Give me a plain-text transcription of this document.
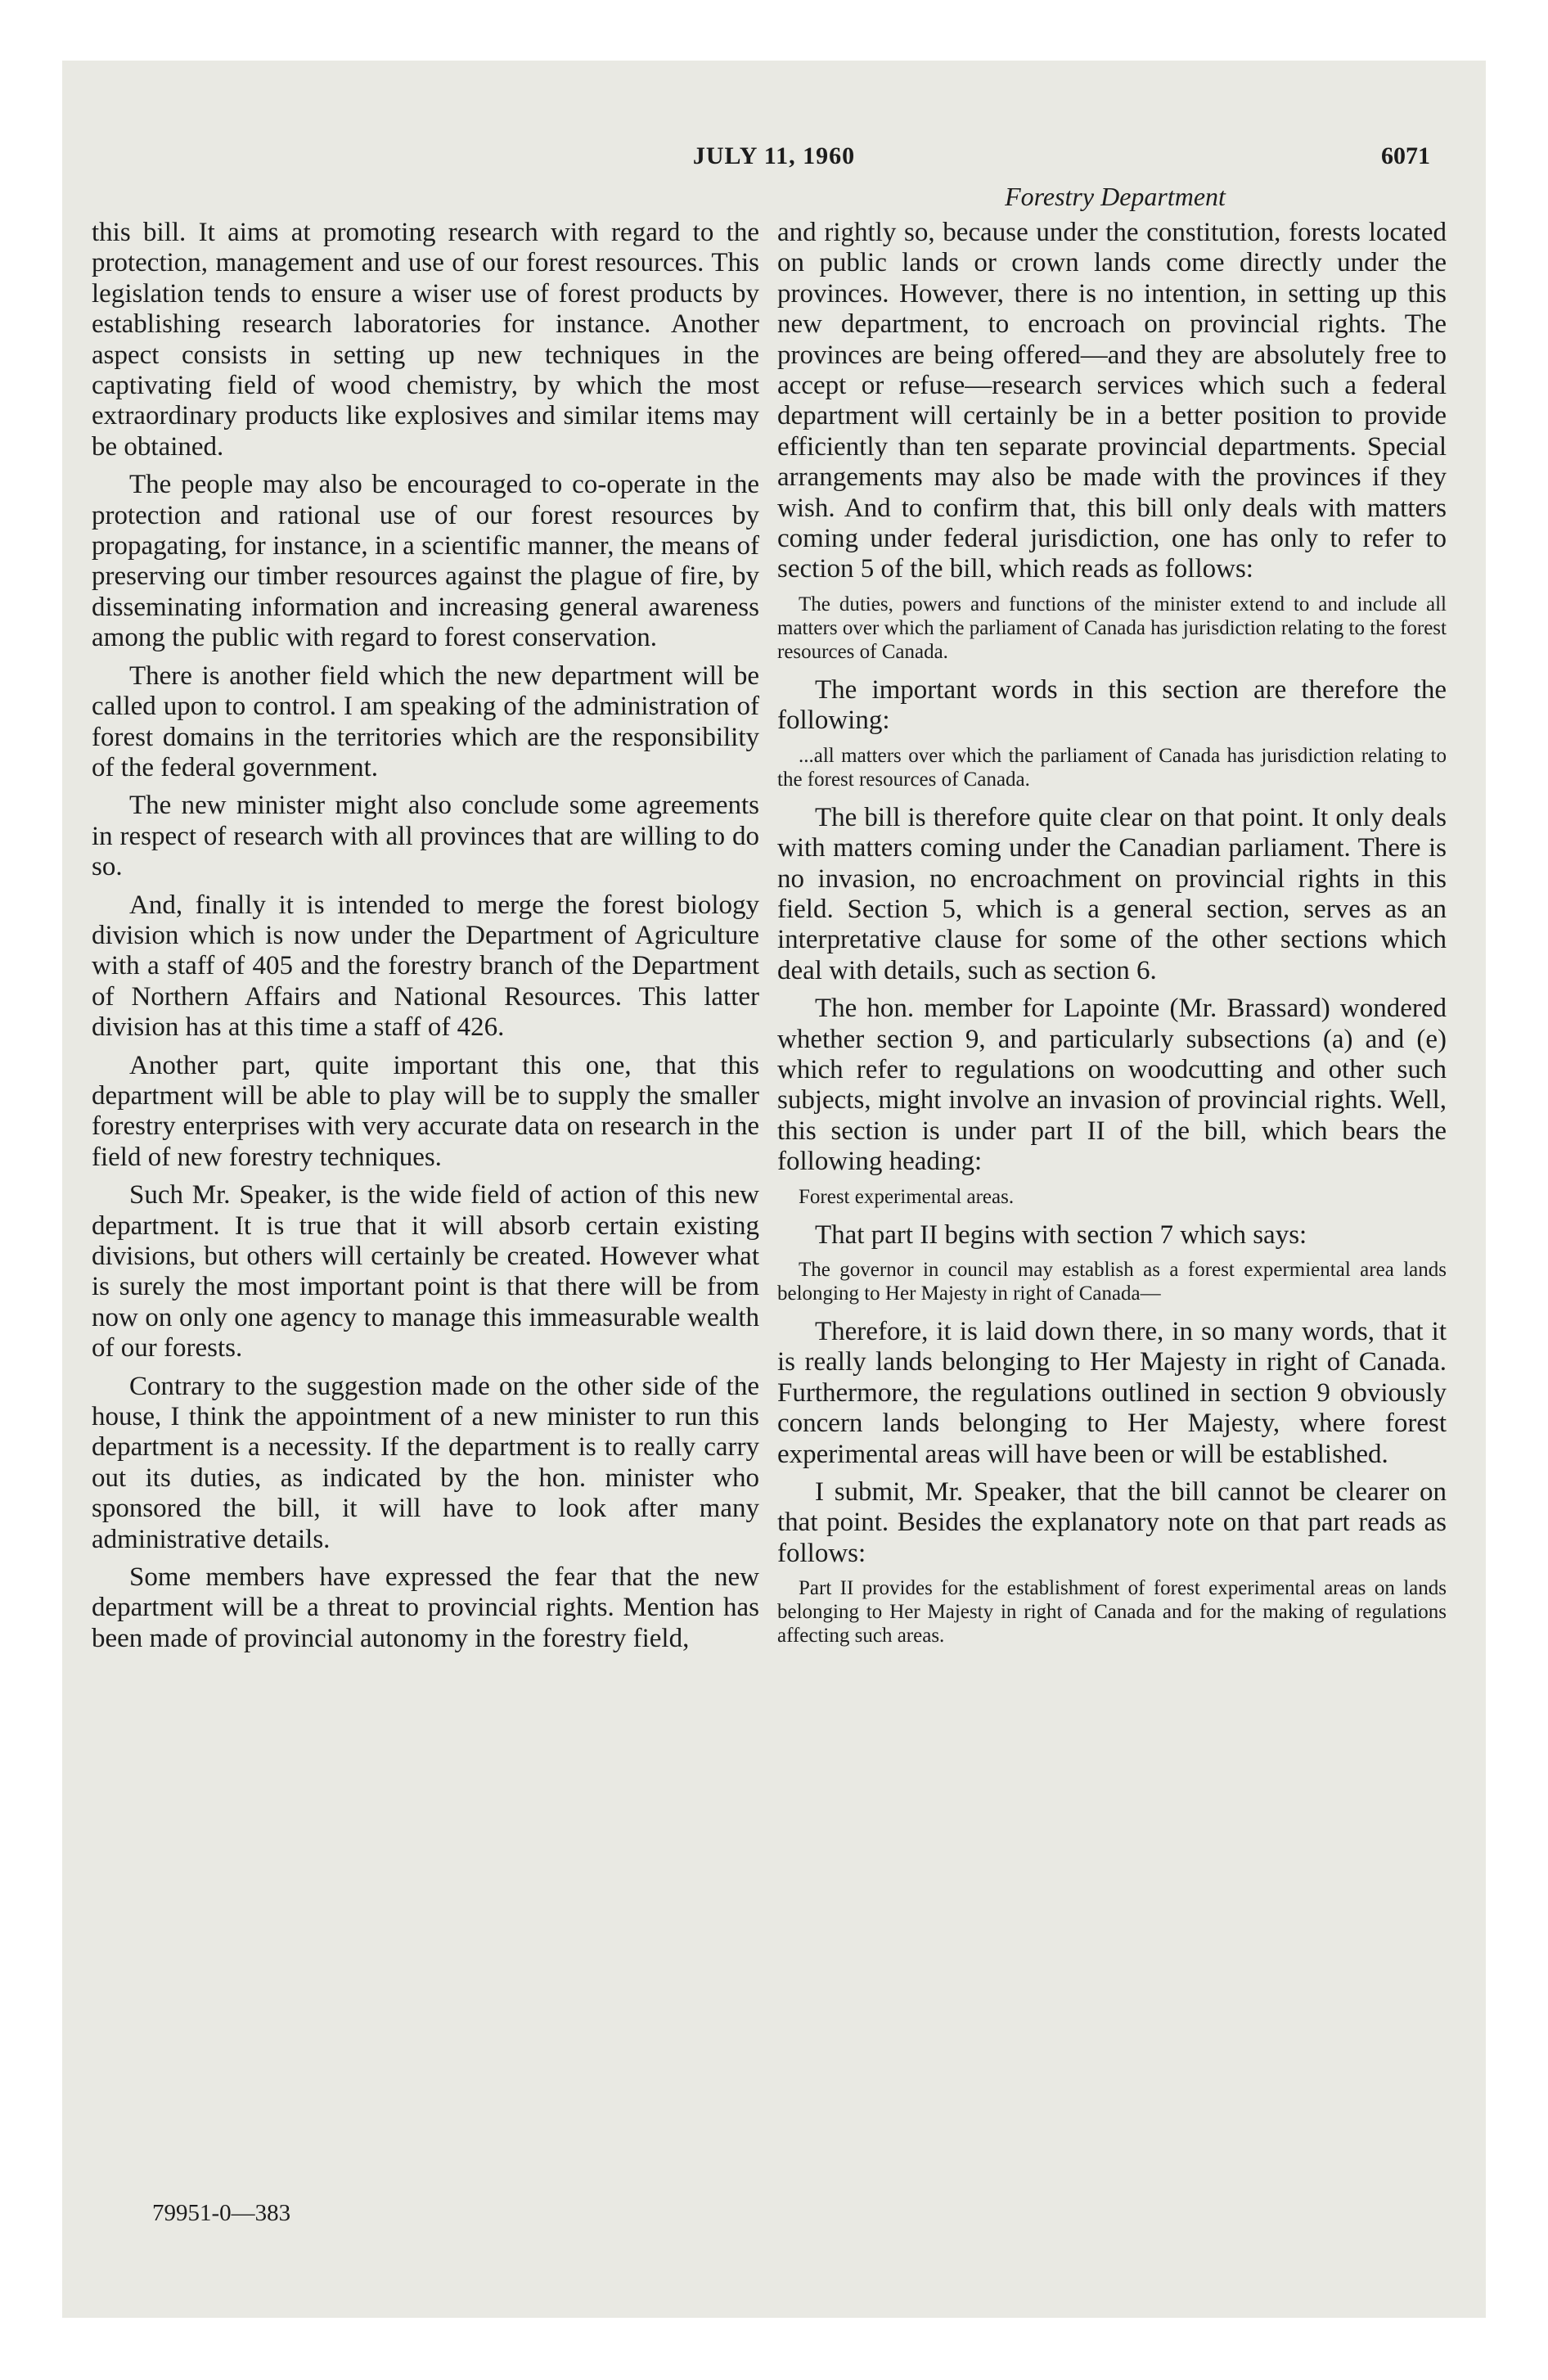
JULY 11, 1960	6071
Forestry Department

this bill. It aims at promoting research with regard to the protection, management and use of our forest resources. This legislation tends to ensure a wiser use of forest products by establishing research laboratories for instance. Another aspect consists in setting up new techniques in the captivating field of wood chemistry, by which the most extraordinary products like explosives and similar items may be obtained.

The people may also be encouraged to co-operate in the protection and rational use of our forest resources by propagating, for instance, in a scientific manner, the means of preserving our timber resources against the plague of fire, by disseminating information and increasing general awareness among the public with regard to forest conservation.

There is another field which the new department will be called upon to control. I am speaking of the administration of forest domains in the territories which are the responsibility of the federal government.

The new minister might also conclude some agreements in respect of research with all provinces that are willing to do so.

And, finally it is intended to merge the forest biology division which is now under the Department of Agriculture with a staff of 405 and the forestry branch of the Department of Northern Affairs and National Resources. This latter division has at this time a staff of 426.

Another part, quite important this one, that this department will be able to play will be to supply the smaller forestry enterprises with very accurate data on research in the field of new forestry techniques.

Such Mr. Speaker, is the wide field of action of this new department. It is true that it will absorb certain existing divisions, but others will certainly be created. However what is surely the most important point is that there will be from now on only one agency to manage this immeasurable wealth of our forests.

Contrary to the suggestion made on the other side of the house, I think the appointment of a new minister to run this department is a necessity. If the department is to really carry out its duties, as indicated by the hon. minister who sponsored the bill, it will have to look after many administrative details.

Some members have expressed the fear that the new department will be a threat to provincial rights. Mention has been made of provincial autonomy in the forestry field,

and rightly so, because under the constitution, forests located on public lands or crown lands come directly under the provinces. However, there is no intention, in setting up this new department, to encroach on provincial rights. The provinces are being offered—and they are absolutely free to accept or refuse—research services which such a federal department will certainly be in a better position to provide efficiently than ten separate provincial departments. Special arrangements may also be made with the provinces if they wish. And to confirm that, this bill only deals with matters coming under federal jurisdiction, one has only to refer to section 5 of the bill, which reads as follows:

The duties, powers and functions of the minister extend to and include all matters over which the parliament of Canada has jurisdiction relating to the forest resources of Canada.

The important words in this section are therefore the following:

...all matters over which the parliament of Canada has jurisdiction relating to the forest resources of Canada.

The bill is therefore quite clear on that point. It only deals with matters coming under the Canadian parliament. There is no invasion, no encroachment on provincial rights in this field. Section 5, which is a general section, serves as an interpretative clause for some of the other sections which deal with details, such as section 6.

The hon. member for Lapointe (Mr. Brassard) wondered whether section 9, and particularly subsections (a) and (e) which refer to regulations on woodcutting and other such subjects, might involve an invasion of provincial rights. Well, this section is under part II of the bill, which bears the following heading:

Forest experimental areas.

That part II begins with section 7 which says:

The governor in council may establish as a forest expermiental area lands belonging to Her Majesty in right of Canada—

Therefore, it is laid down there, in so many words, that it is really lands belonging to Her Majesty in right of Canada. Furthermore, the regulations outlined in section 9 obviously concern lands belonging to Her Majesty, where forest experimental areas will have been or will be established.

I submit, Mr. Speaker, that the bill cannot be clearer on that point. Besides the explanatory note on that part reads as follows:

Part II provides for the establishment of forest experimental areas on lands belonging to Her Majesty in right of Canada and for the making of regulations affecting such areas.
79951-0—383
